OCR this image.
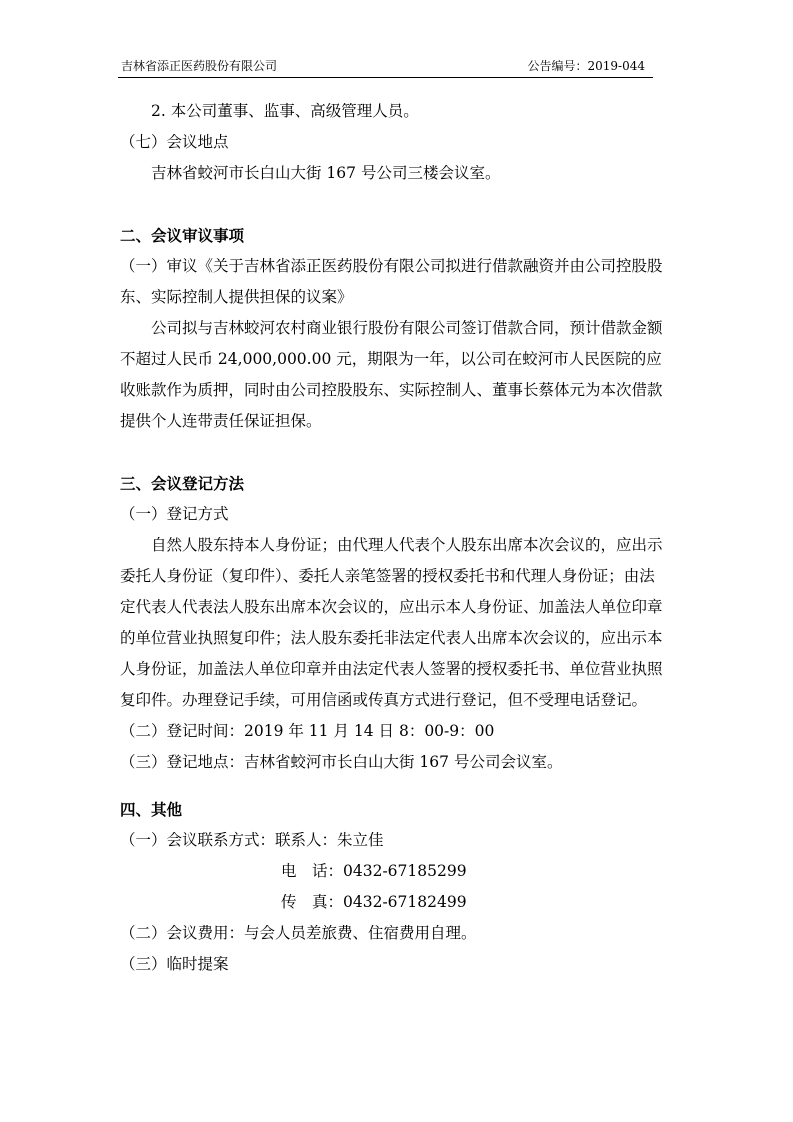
吉林省添正医药股份有限公司	公告编号：2019-044
2. 本公司董事、监事、高级管理人员。
（七）会议地点
吉林省蛟河市长白山大街 167 号公司三楼会议室。
二、会议审议事项
（一）审议《关于吉林省添正医药股份有限公司拟进行借款融资并由公司控股股
东、实际控制人提供担保的议案》
公司拟与吉林蛟河农村商业银行股份有限公司签订借款合同，预计借款金额
不超过人民币 24,000,000.00 元，期限为一年，以公司在蛟河市人民医院的应
收账款作为质押，同时由公司控股股东、实际控制人、董事长蔡体元为本次借款
提供个人连带责任保证担保。
三、会议登记方法
（一）登记方式
自然人股东持本人身份证；由代理人代表个人股东出席本次会议的，应出示
委托人身份证（复印件）、委托人亲笔签署的授权委托书和代理人身份证；由法
定代表人代表法人股东出席本次会议的，应出示本人身份证、加盖法人单位印章
的单位营业执照复印件；法人股东委托非法定代表人出席本次会议的，应出示本
人身份证，加盖法人单位印章并由法定代表人签署的授权委托书、单位营业执照
复印件。办理登记手续，可用信函或传真方式进行登记，但不受理电话登记。
（二）登记时间：2019 年 11 月 14 日 8：00-9：00
（三）登记地点：吉林省蛟河市长白山大街 167 号公司会议室。
四、其他
（一）会议联系方式：联系人：朱立佳
电　话：0432-67185299
传　真：0432-67182499
（二）会议费用：与会人员差旅费、住宿费用自理。
（三）临时提案
